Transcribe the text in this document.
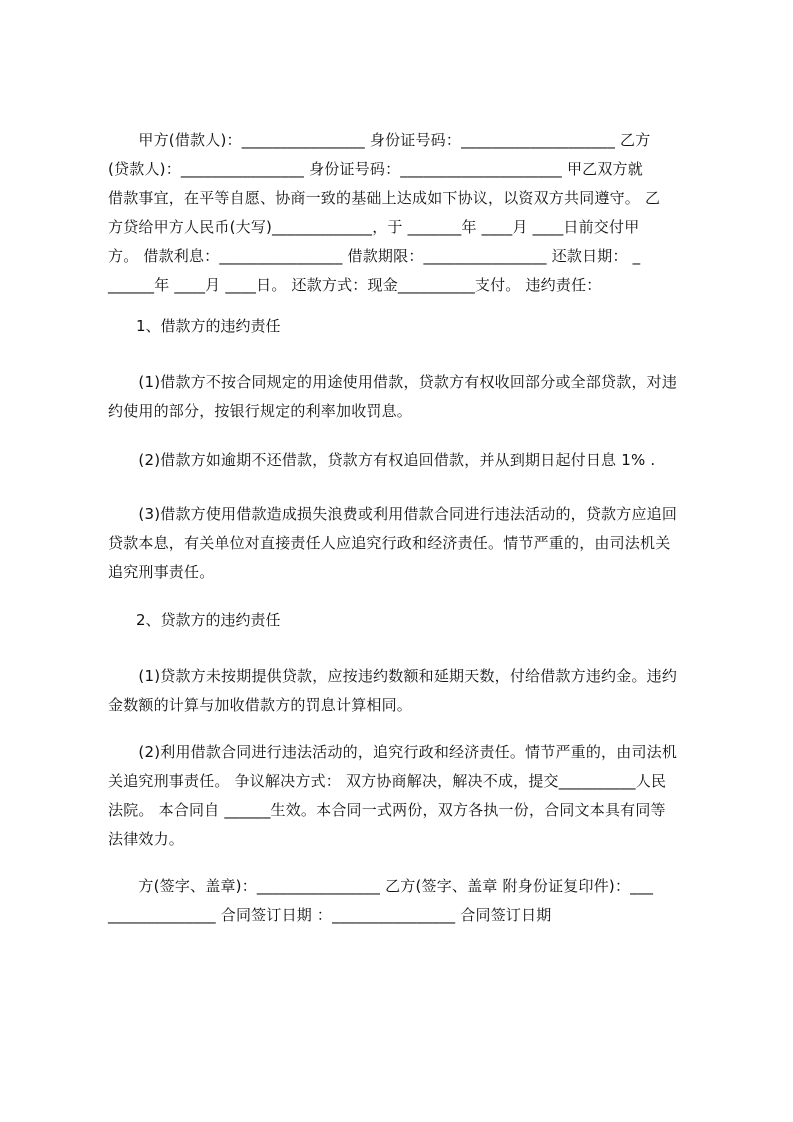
　　甲方(借款人)：________________ 身份证号码：____________________ 乙方
(贷款人)：________________ 身份证号码：_____________________ 甲乙双方就
借款事宜，在平等自愿、协商一致的基础上达成如下协议，以资双方共同遵守。 乙
方贷给甲方人民币(大写)_____________，于 _______年 ____月 ____日前交付甲
方。 借款利息：________________ 借款期限：________________ 还款日期： _
______年 ____月 ____日。 还款方式：现金__________支付。 违约责任：
1、借款方的违约责任
　　(1)借款方不按合同规定的用途使用借款，贷款方有权收回部分或全部贷款，对违
约使用的部分，按银行规定的利率加收罚息。
　　(2)借款方如逾期不还借款，贷款方有权追回借款，并从到期日起付日息 1% .
　　(3)借款方使用借款造成损失浪费或利用借款合同进行违法活动的，贷款方应追回
贷款本息，有关单位对直接责任人应追究行政和经济责任。情节严重的，由司法机关
追究刑事责任。
2、贷款方的违约责任
　　(1)贷款方未按期提供贷款，应按违约数额和延期天数，付给借款方违约金。违约
金数额的计算与加收借款方的罚息计算相同。
　　(2)利用借款合同进行违法活动的，追究行政和经济责任。情节严重的，由司法机
关追究刑事责任。 争议解决方式： 双方协商解决，解决不成，提交__________人民
法院。 本合同自 ______生效。本合同一式两份，双方各执一份，合同文本具有同等
法律效力。
　　方(签字、盖章)：________________ 乙方(签字、盖章 附身份证复印件)：___
______________ 合同签订日期 ：________________ 合同签订日期
